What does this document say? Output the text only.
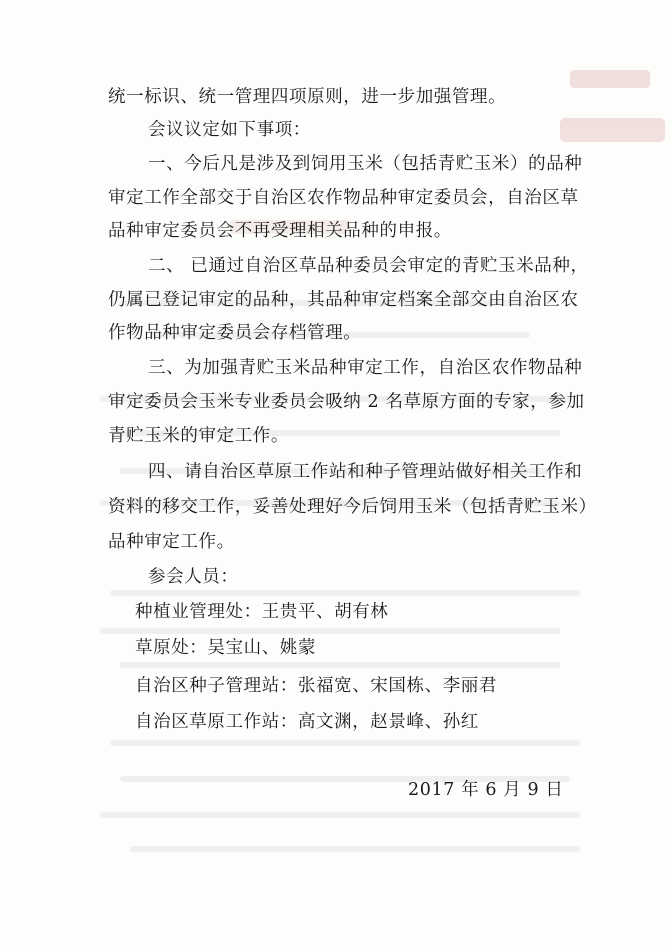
统一标识、统一管理四项原则，进一步加强管理。
会议议定如下事项：
一、今后凡是涉及到饲用玉米（包括青贮玉米）的品种
审定工作全部交于自治区农作物品种审定委员会，自治区草
品种审定委员会不再受理相关品种的申报。
二、 已通过自治区草品种委员会审定的青贮玉米品种，
仍属已登记审定的品种，其品种审定档案全部交由自治区农
作物品种审定委员会存档管理。
三、为加强青贮玉米品种审定工作，自治区农作物品种
审定委员会玉米专业委员会吸纳 2 名草原方面的专家，参加
青贮玉米的审定工作。
四、请自治区草原工作站和种子管理站做好相关工作和
资料的移交工作，妥善处理好今后饲用玉米（包括青贮玉米）
品种审定工作。
参会人员：
种植业管理处：王贵平、胡有林
草原处：吴宝山、姚蒙
自治区种子管理站：张福宽、宋国栋、李丽君
自治区草原工作站：高文渊，赵景峰、孙红
2017 年 6 月 9 日
